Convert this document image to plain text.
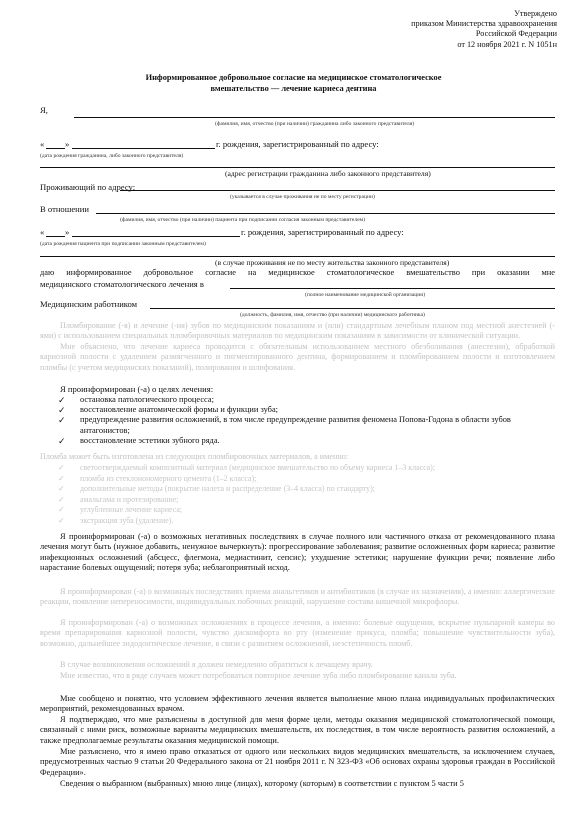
Утверждено
приказом Министерства здравоохранения
Российской Федерации
от 12 ноября 2021 г. N 1051н
Информированное добровольное согласие на медицинское стоматологическое
вмешательство — лечение кариеса дентина
Я,
(фамилия, имя, отчество (при наличии) гражданина либо законного представителя)
« »	г. рождения, зарегистрированный по адресу:
(дата рождения гражданина, либо законного представителя)
(адрес регистрации гражданина либо законного представителя)
Проживающий по адресу:
(указывается в случае проживания не по месту регистрации)
В отношении
(фамилия, имя, отчество (при наличии) пациента при подписании согласия законным представителем)
« »	г. рождения, зарегистрированный по адресу:
(дата рождения пациента при подписании законным представителем)
(в случае проживания не по месту жительства законного представителя)
даю информированное добровольное согласие на медицинское стоматологическое вмешательство при оказании мне
медицинского стоматологического лечения в
(полное наименование медицинской организации)
Медицинским работником
(должность, фамилия, имя, отчество (при наличии) медицинского работника)
Пломбирование (-я) и лечение (-ия) зубов по медицинским показаниям и (или) стандартным лечебным планом под местной анестезией (-ями) с использованием специальных пломбировочных материалов по медицинским показаниям в зависимости от клинической ситуации.
Мне объяснено, что лечение кариеса проводится с обязательным использованием местного обезболивания (анестезии), обработкой кариозной полости с удалением размягченного и пигментированного дентина, формированием и пломбированием полости и изготовлением пломбы (с учетом медицинских показаний), полирования и шлифования.
Я проинформирован (-а) о целях лечения:
✓ остановка патологического процесса;
✓ восстановление анатомической формы и функции зуба;
✓ предупреждение развития осложнений, в том числе предупреждение развития феномена Попова-Годона в области зубов антагонистов;
✓ восстановление эстетики зубного ряда.
Пломба может быть изготовлена из следующих пломбировочных материалов, а именно:
✓ светоотверждаемый композитный материал (медицинское вмешательство по объему кариеса 1–3 класса);
✓ пломба из стеклоиономерного цемента (1–2 класса);
✓ дополнительные методы (покрытие налета и распределение (3–4 класса) по стандарту);
✓ амальгама и протезирование;
✓ углубленные лечение кариеса;
✓ экстракция зуба (удаление).
Я проинформирован (-а) о возможных негативных последствиях в случае полного или частичного отказа от рекомендованного плана лечения могут быть (нужное добавить, ненужное вычеркнуть): прогрессирование заболевания; развитие осложненных форм кариеса; развитие инфекционных осложнений (абсцесс, флегмона, медиастинит, сепсис); ухудшение эстетики; нарушение функции речи; появление либо нарастание болевых ощущений; потеря зуба; неблагоприятный исход.
Я проинформирован (-а) о возможных последствиях приема анальгетиков и антибиотиков (в случае их назначения), а именно: аллергические реакции, появление непереносимости, индивидуальных побочных реакций, нарушение состава кишечной микрофлоры.
Я проинформирован (-а) о возможных осложнениях в процессе лечения, а именно: болевые ощущения, вскрытие пульпарной камеры во время препарирования кариозной полости, чувство дискомфорта во рту (изменение прикуса, пломба; повышение чувствительности зуба), возможно, дальнейшее эндодонтическое лечение, в связи с развитием осложнений, неэстетичность пломб.
В случае возникновения осложнений я должен немедленно обратиться к лечащему врачу.
Мне известно, что в ряде случаев может потребоваться повторное лечение зуба либо пломбирование канала зуба.
Мне сообщено и понятно, что условием эффективного лечения является выполнение мною плана индивидуальных профилактических мероприятий, рекомендованных врачом.
Я подтверждаю, что мне разъяснены в доступной для меня форме цели, методы оказания медицинской стоматологической помощи, связанный с ними риск, возможные варианты медицинских вмешательств, их последствия, в том числе вероятность развития осложнений, а также предполагаемые результаты оказания медицинской помощи.
Мне разъяснено, что я имею право отказаться от одного или нескольких видов медицинских вмешательств, за исключением случаев, предусмотренных частью 9 статьи 20 Федерального закона от 21 ноября 2011 г. N 323-ФЗ «Об основах охраны здоровья граждан в Российской Федерации».
Сведения о выбранном (выбранных) мною лице (лицах), которому (которым) в соответствии с пунктом 5 части 5
